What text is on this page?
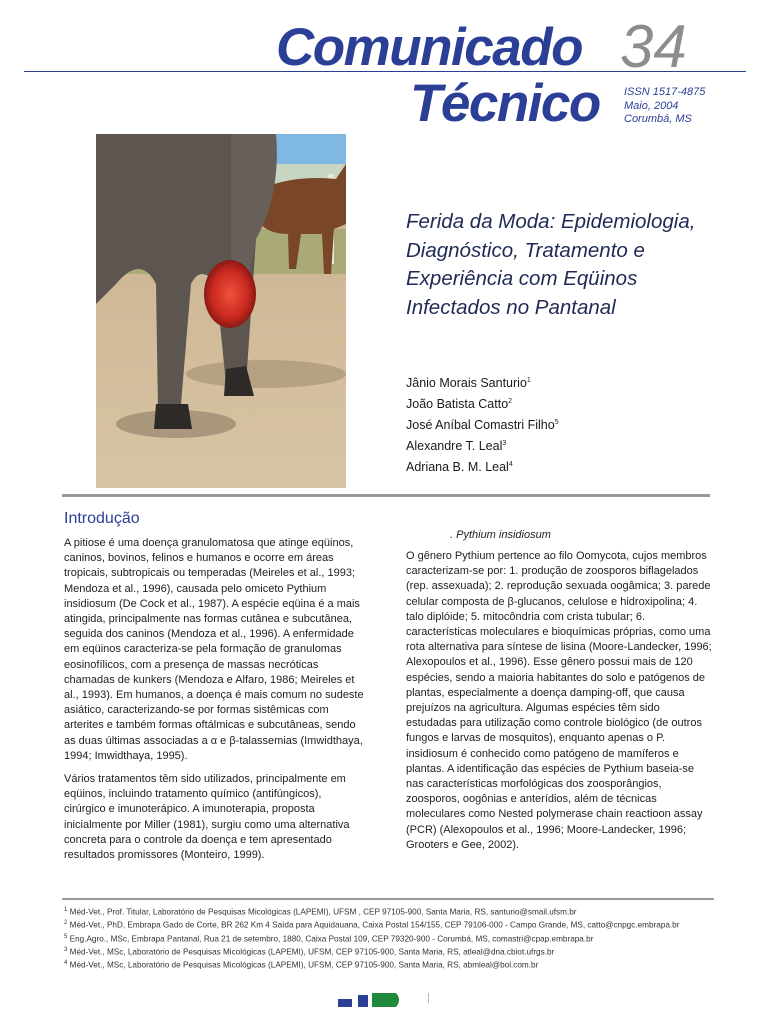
Comunicado
Técnico
34
ISSN 1517-4875
Maio, 2004
Corumbá, MS
Ferida da Moda: Epidemiologia, Diagnóstico, Tratamento e Experiência com Eqüinos Infectados no Pantanal
Jânio Morais Santurio$^1$
João Batista Catto$^2$
José Aníbal Comastri Filho$^5$
Alexandre T. Leal$^3$
Adriana B. M. Leal$^4$
Introdução

A pitiose é uma doença granulomatosa que atinge eqüinos, caninos, bovinos, felinos e humanos e ocorre em áreas tropicais, subtropicais ou temperadas (Meireles et al., 1993; Mendoza et al., 1996), causada pelo omiceto Pythium insidiosum (De Cock et al., 1987). A espécie eqüina é a mais atingida, principalmente nas formas cutânea e subcutânea, seguida dos caninos (Mendoza et al., 1996). A enfermidade em eqüinos caracteriza-se pela formação de granulomas eosinofílicos, com a presença de massas necróticas chamadas de kunkers (Mendoza e Alfaro, 1986; Meireles et al., 1993). Em humanos, a doença é mais comum no sudeste asiático, caracterizando-se por formas sistêmicas com arterites e também formas oftálmicas e subcutâneas, sendo as duas últimas associadas a α e β-talassemias (Imwidthaya, 1994; Imwidthaya, 1995).

Vários tratamentos têm sido utilizados, principalmente em eqüinos, incluindo tratamento químico (antifúngicos), cirúrgico e imunoterápico. A imunoterapia, proposta inicialmente por Miller (1981), surgiu como uma alternativa concreta para o controle da doença e tem apresentado resultados promissores (Monteiro, 1999).

. Pythium insidiosum

O gênero Pythium pertence ao filo Oomycota, cujos membros caracterizam-se por: 1. produção de zoosporos biflagelados (rep. assexuada); 2. reprodução sexuada oogâmica; 3. parede celular composta de β-glucanos, celulose e hidroxipolina; 4. talo diplóide; 5. mitocôndria com crista tubular; 6. características moleculares e bioquímicas próprias, como uma rota alternativa para síntese de lisina (Moore-Landecker, 1996; Alexopoulos et al., 1996). Esse gênero possui mais de 120 espécies, sendo a maioria habitantes do solo e patógenos de plantas, especialmente a doença damping-off, que causa prejuízos na agricultura. Algumas espécies têm sido estudadas para utilização como controle biológico (de outros fungos e larvas de mosquitos), enquanto apenas o P. insidiosum é conhecido como patógeno de mamíferos e plantas. A identificação das espécies de Pythium baseia-se nas características morfológicas dos zoosporângios, zoosporos, oogônias e anterídios, além de técnicas moleculares como Nested polymerase chain reactioon assay (PCR) (Alexopoulos et al., 1996; Moore-Landecker, 1996; Grooters e Gee, 2002).

$^1$ Méd-Vet., Prof. Titular, Laboratório de Pesquisas Micológicas (LAPEMI), UFSM , CEP 97105-900, Santa Maria, RS, santurio@smail.ufsm.br

$^2$ Méd-Vet., PhD, Embrapa Gado de Corte, BR 262 Km 4 Saída para Aquidauana, Caixa Postal 154/155, CEP 79106-000 - Campo Grande, MS, catto@cnpgc.embrapa.br

$^5$ Eng.Agro., MSc, Embrapa Pantanal, Rua 21 de setembro, 1880, Caixa Postal 109, CEP 79320-900 - Corumbá, MS, comastri@cpap.embrapa.br

$^3$ Méd-Vet., MSc, Laboratório de Pesquisas Micológicas (LAPEMI), UFSM, CEP 97105-900, Santa Maria, RS, atleal@dna.cbiot.ufrgs.br

$^4$ Méd-Vet., MSc, Laboratório de Pesquisas Micológicas (LAPEMI), UFSM, CEP 97105-900, Santa Maria, RS, abmleal@bol.com.br
